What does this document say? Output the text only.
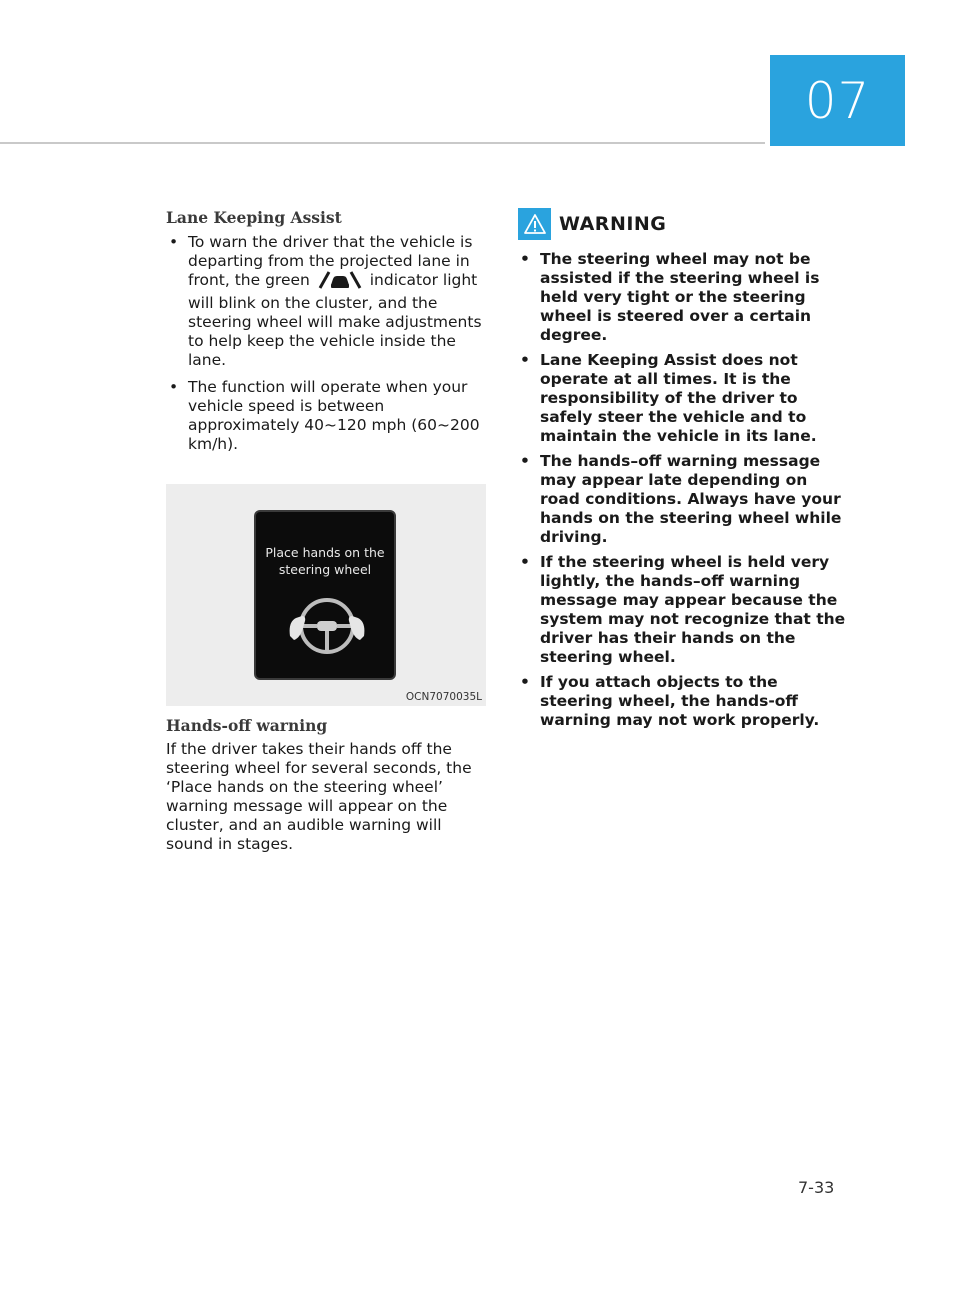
07
Lane Keeping Assist
• To warn the driver that the vehicle is departing from the projected lane in front, the green	indicator light will blink on the cluster, and the steering wheel will make adjustments to help keep the vehicle inside the lane.
• The function will operate when your vehicle speed is between approximately 40~120 mph (60~200 km/h).
Place hands on the steering wheel
OCN7070035L
Hands-off warning

If the driver takes their hands off the steering wheel for several seconds, the ‘Place hands on the steering wheel’ warning message will appear on the cluster, and an audible warning will sound in stages.

WARNING
• The steering wheel may not be assisted if the steering wheel is held very tight or the steering wheel is steered over a certain degree.
• Lane Keeping Assist does not operate at all times. It is the responsibility of the driver to safely steer the vehicle and to maintain the vehicle in its lane.
• The hands–off warning message may appear late depending on road conditions. Always have your hands on the steering wheel while driving.
• If the steering wheel is held very lightly, the hands–off warning message may appear because the system may not recognize that the driver has their hands on the steering wheel.
• If you attach objects to the steering wheel, the hands-off warning may not work properly.
7-33
